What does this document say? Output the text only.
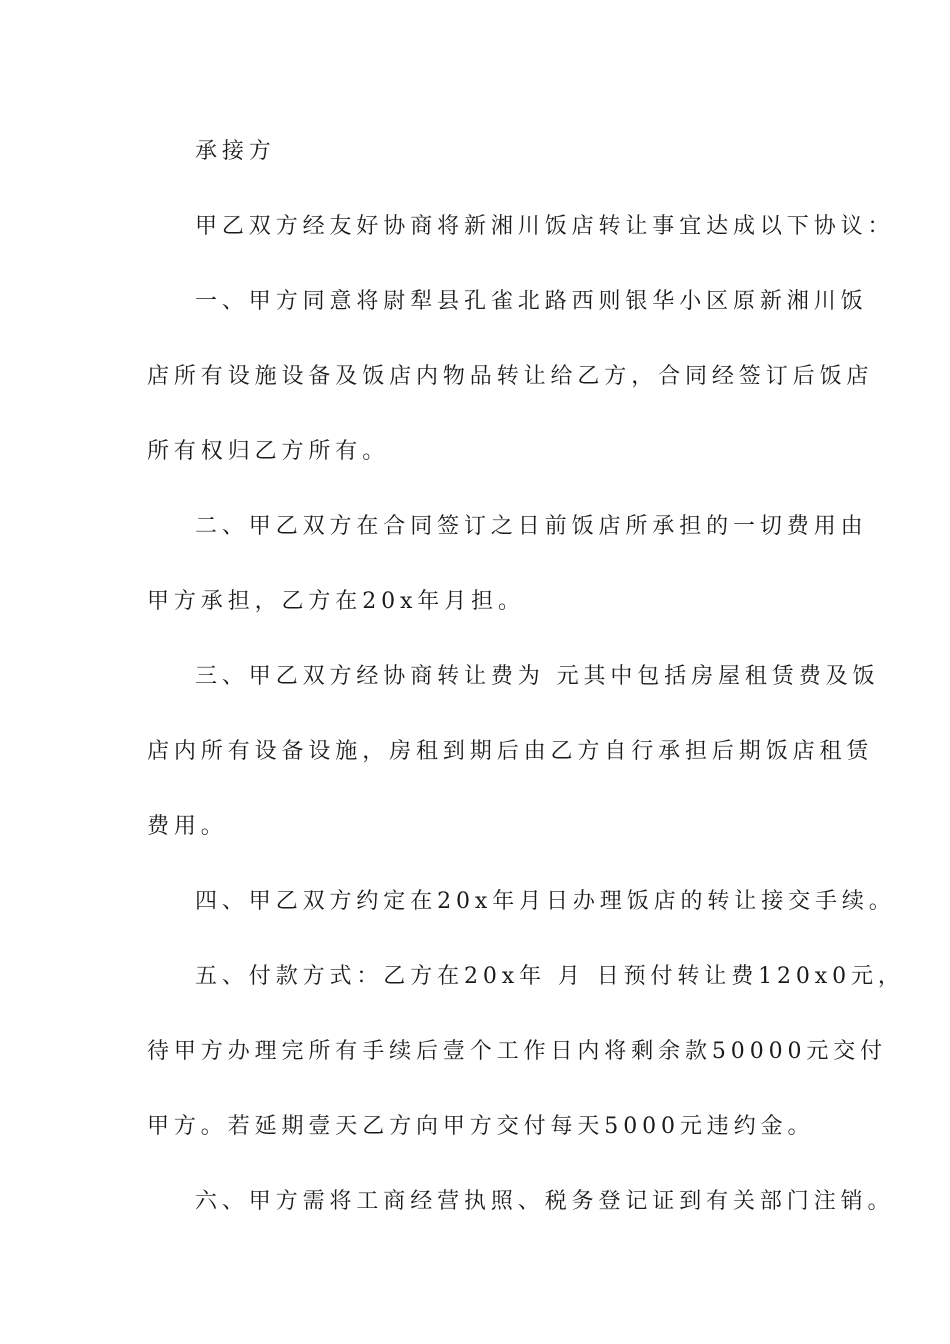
承接方
甲乙双方经友好协商将新湘川饭店转让事宜达成以下协议：
一、甲方同意将尉犁县孔雀北路西则银华小区原新湘川饭
店所有设施设备及饭店内物品转让给乙方，合同经签订后饭店
所有权归乙方所有。
二、甲乙双方在合同签订之日前饭店所承担的一切费用由
甲方承担，乙方在20x年月担。
三、甲乙双方经协商转让费为 元其中包括房屋租赁费及饭
店内所有设备设施，房租到期后由乙方自行承担后期饭店租赁
费用。
四、甲乙双方约定在20x年月日办理饭店的转让接交手续。
五、付款方式：乙方在20x年 月 日预付转让费120x0元，
待甲方办理完所有手续后壹个工作日内将剩余款50000元交付
甲方。若延期壹天乙方向甲方交付每天5000元违约金。
六、甲方需将工商经营执照、税务登记证到有关部门注销。
